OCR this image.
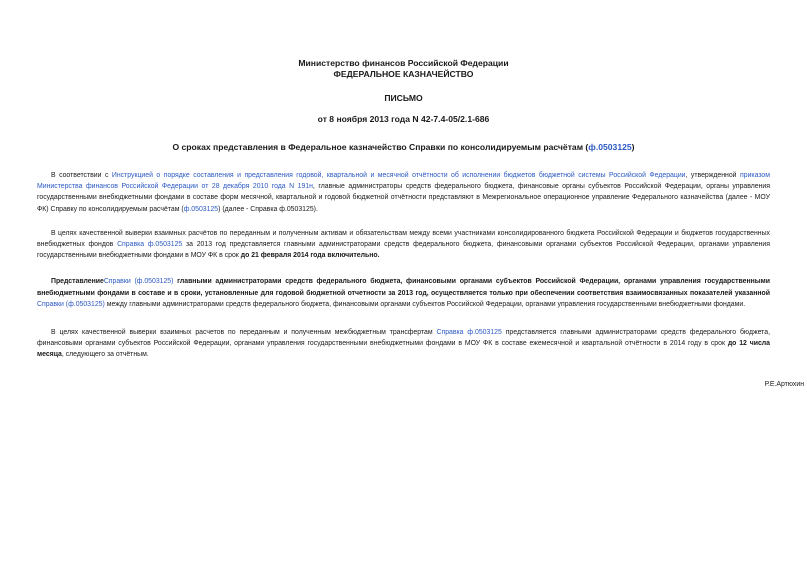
Министерство финансов Российской Федерации
ФЕДЕРАЛЬНОЕ КАЗНАЧЕЙСТВО
ПИСЬМО
от 8 ноября 2013 года N 42-7.4-05/2.1-686
О сроках представления в Федеральное казначейство Справки по консолидируемым расчётам (ф.0503125)

В соответствии с Инструкцией о порядке составления и представления годовой, квартальной и месячной отчётности об исполнении бюджетов бюджетной системы Российской Федерации, утвержденной приказом Министерства финансов Российской Федерации от 28 декабря 2010 года N 191н, главные администраторы средств федерального бюджета, финансовые органы субъектов Российской Федерации, органы управления государственными внебюджетными фондами в составе форм месячной, квартальной и годовой бюджетной отчётности представляют в Межрегиональное операционное управление Федерального казначейства (далее - МОУ ФК) Справку по консолидируемым расчётам (ф.0503125) (далее - Справка ф.0503125).

В целях качественной выверки взаимных расчётов по переданным и полученным активам и обязательствам между всеми участниками консолидированного бюджета Российской Федерации и бюджетов государственных внебюджетных фондов Справка ф.0503125 за 2013 год представляется главными администраторами средств федерального бюджета, финансовыми органами субъектов Российской Федерации, органами управления государственными внебюджетными фондами в МОУ ФК в срок до 21 февраля 2014 года включительно.

ПредставлениеСправки (ф.0503125) главными администраторами средств федерального бюджета, финансовыми органами субъектов Российской Федерации, органами управления государственными внебюджетными фондами в составе и в сроки, установленные для годовой бюджетной отчетности за 2013 год, осуществляется только при обеспечении соответствия взаимосвязанных показателей указанной Справки (ф.0503125) между главными администраторами средств федерального бюджета, финансовыми органами субъектов Российской Федерации, органами управления государственными внебюджетными фондами.

В целях качественной выверки взаимных расчетов по переданным и полученным межбюджетным трансфертам Справка ф.0503125 представляется главными администраторами средств федерального бюджета, финансовыми органами субъектов Российской Федерации, органами управления государственными внебюджетными фондами в МОУ ФК в составе ежемесячной и квартальной отчётности в 2014 году в срок до 12 числа месяца, следующего за отчётным.

Р.Е.Артюхин
